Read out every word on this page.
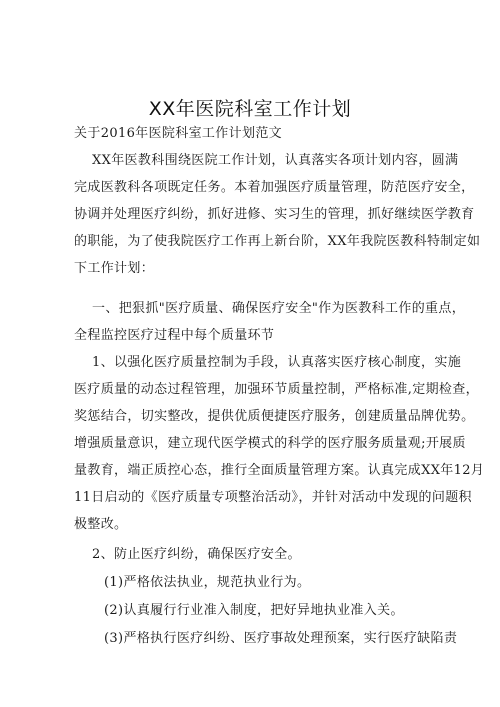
XX年医院科室工作计划
关于2016年医院科室工作计划范文
XX年医教科围绕医院工作计划，认真落实各项计划内容，圆满
完成医教科各项既定任务。本着加强医疗质量管理，防范医疗安全，
协调并处理医疗纠纷，抓好进修、实习生的管理，抓好继续医学教育
的职能，为了使我院医疗工作再上新台阶，XX年我院医教科特制定如
下工作计划：
一、把狠抓"医疗质量、确保医疗安全"作为医教科工作的重点，
全程监控医疗过程中每个质量环节
1、以强化医疗质量控制为手段，认真落实医疗核心制度，实施
医疗质量的动态过程管理，加强环节质量控制，严格标准,定期检查，
奖惩结合，切实整改，提供优质便捷医疗服务，创建质量品牌优势。
增强质量意识，建立现代医学模式的科学的医疗服务质量观;开展质
量教育，端正质控心态，推行全面质量管理方案。认真完成XX年12月
11日启动的《医疗质量专项整治活动》，并针对活动中发现的问题积
极整改。
2、防止医疗纠纷，确保医疗安全。
(1)严格依法执业，规范执业行为。
(2)认真履行行业准入制度，把好异地执业准入关。
(3)严格执行医疗纠纷、医疗事故处理预案，实行医疗缺陷责
